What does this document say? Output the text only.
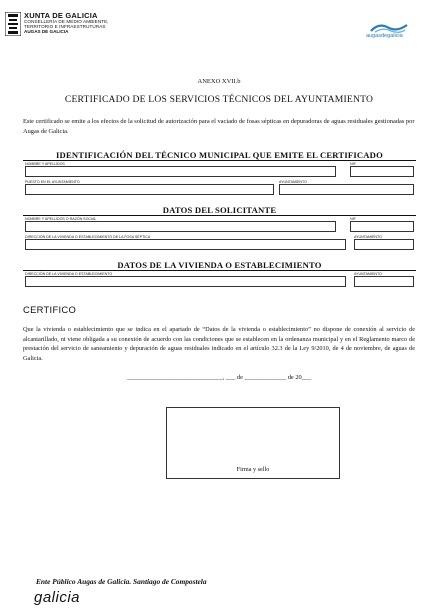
XUNTA DE GALICIA
CONSELLERÍA DE MEDIO AMBIENTE,
TERRITORIO E INFRAESTRUTURAS
AUGAS DE GALICIA
augasdegalicia
ANEXO XVII.b
CERTIFICADO DE LOS SERVICIOS TÉCNICOS DEL AYUNTAMIENTO
Este certificado se emite a los efectos de la solicitud de autorización para el vaciado de fosas sépticas en depuradoras de aguas residuales gestionadas por Augas de Galicia.
IDENTIFICACIÓN DEL TÉCNICO MUNICIPAL QUE EMITE EL CERTIFICADO
NOMBRE Y APELLIDOS	NIF
PUESTO EN EL AYUNTAMIENTO	AYUNTAMIENTO
DATOS DEL SOLICITANTE
NOMBRE Y APELLIDOS O RAZÓN SOCIAL	NIF
DIRECCIÓN DE LA VIVIENDA O ESTABLECIMIENTO DE LA FOSA SÉPTICA	AYUNTAMIENTO
DATOS DE LA VIVIENDA O ESTABLECIMIENTO
DIRECCIÓN DE LA VIVIENDA O ESTABLECIMIENTO	AYUNTAMIENTO
CERTIFICO
Que la vivienda o establecimiento que se indica en el apartado de “Datos de la vivienda o establecimiento” no dispone de conexión al servicio de alcantarillado, ni viene obligada a su conexión de acuerdo con las condiciones que se establecen en la ordenanza municipal y en el Reglamento marco de prestación del servicio de saneamiento y depuración de aguas residuales indicado en el artículo 32.3 de la Ley 9/2010, de 4 de noviembre, de aguas de Galicia.
______________________________, ___ de _____________ de 20___
Firma y sello
Ente Público Augas de Galicia. Santiago de Compostela
galicia
